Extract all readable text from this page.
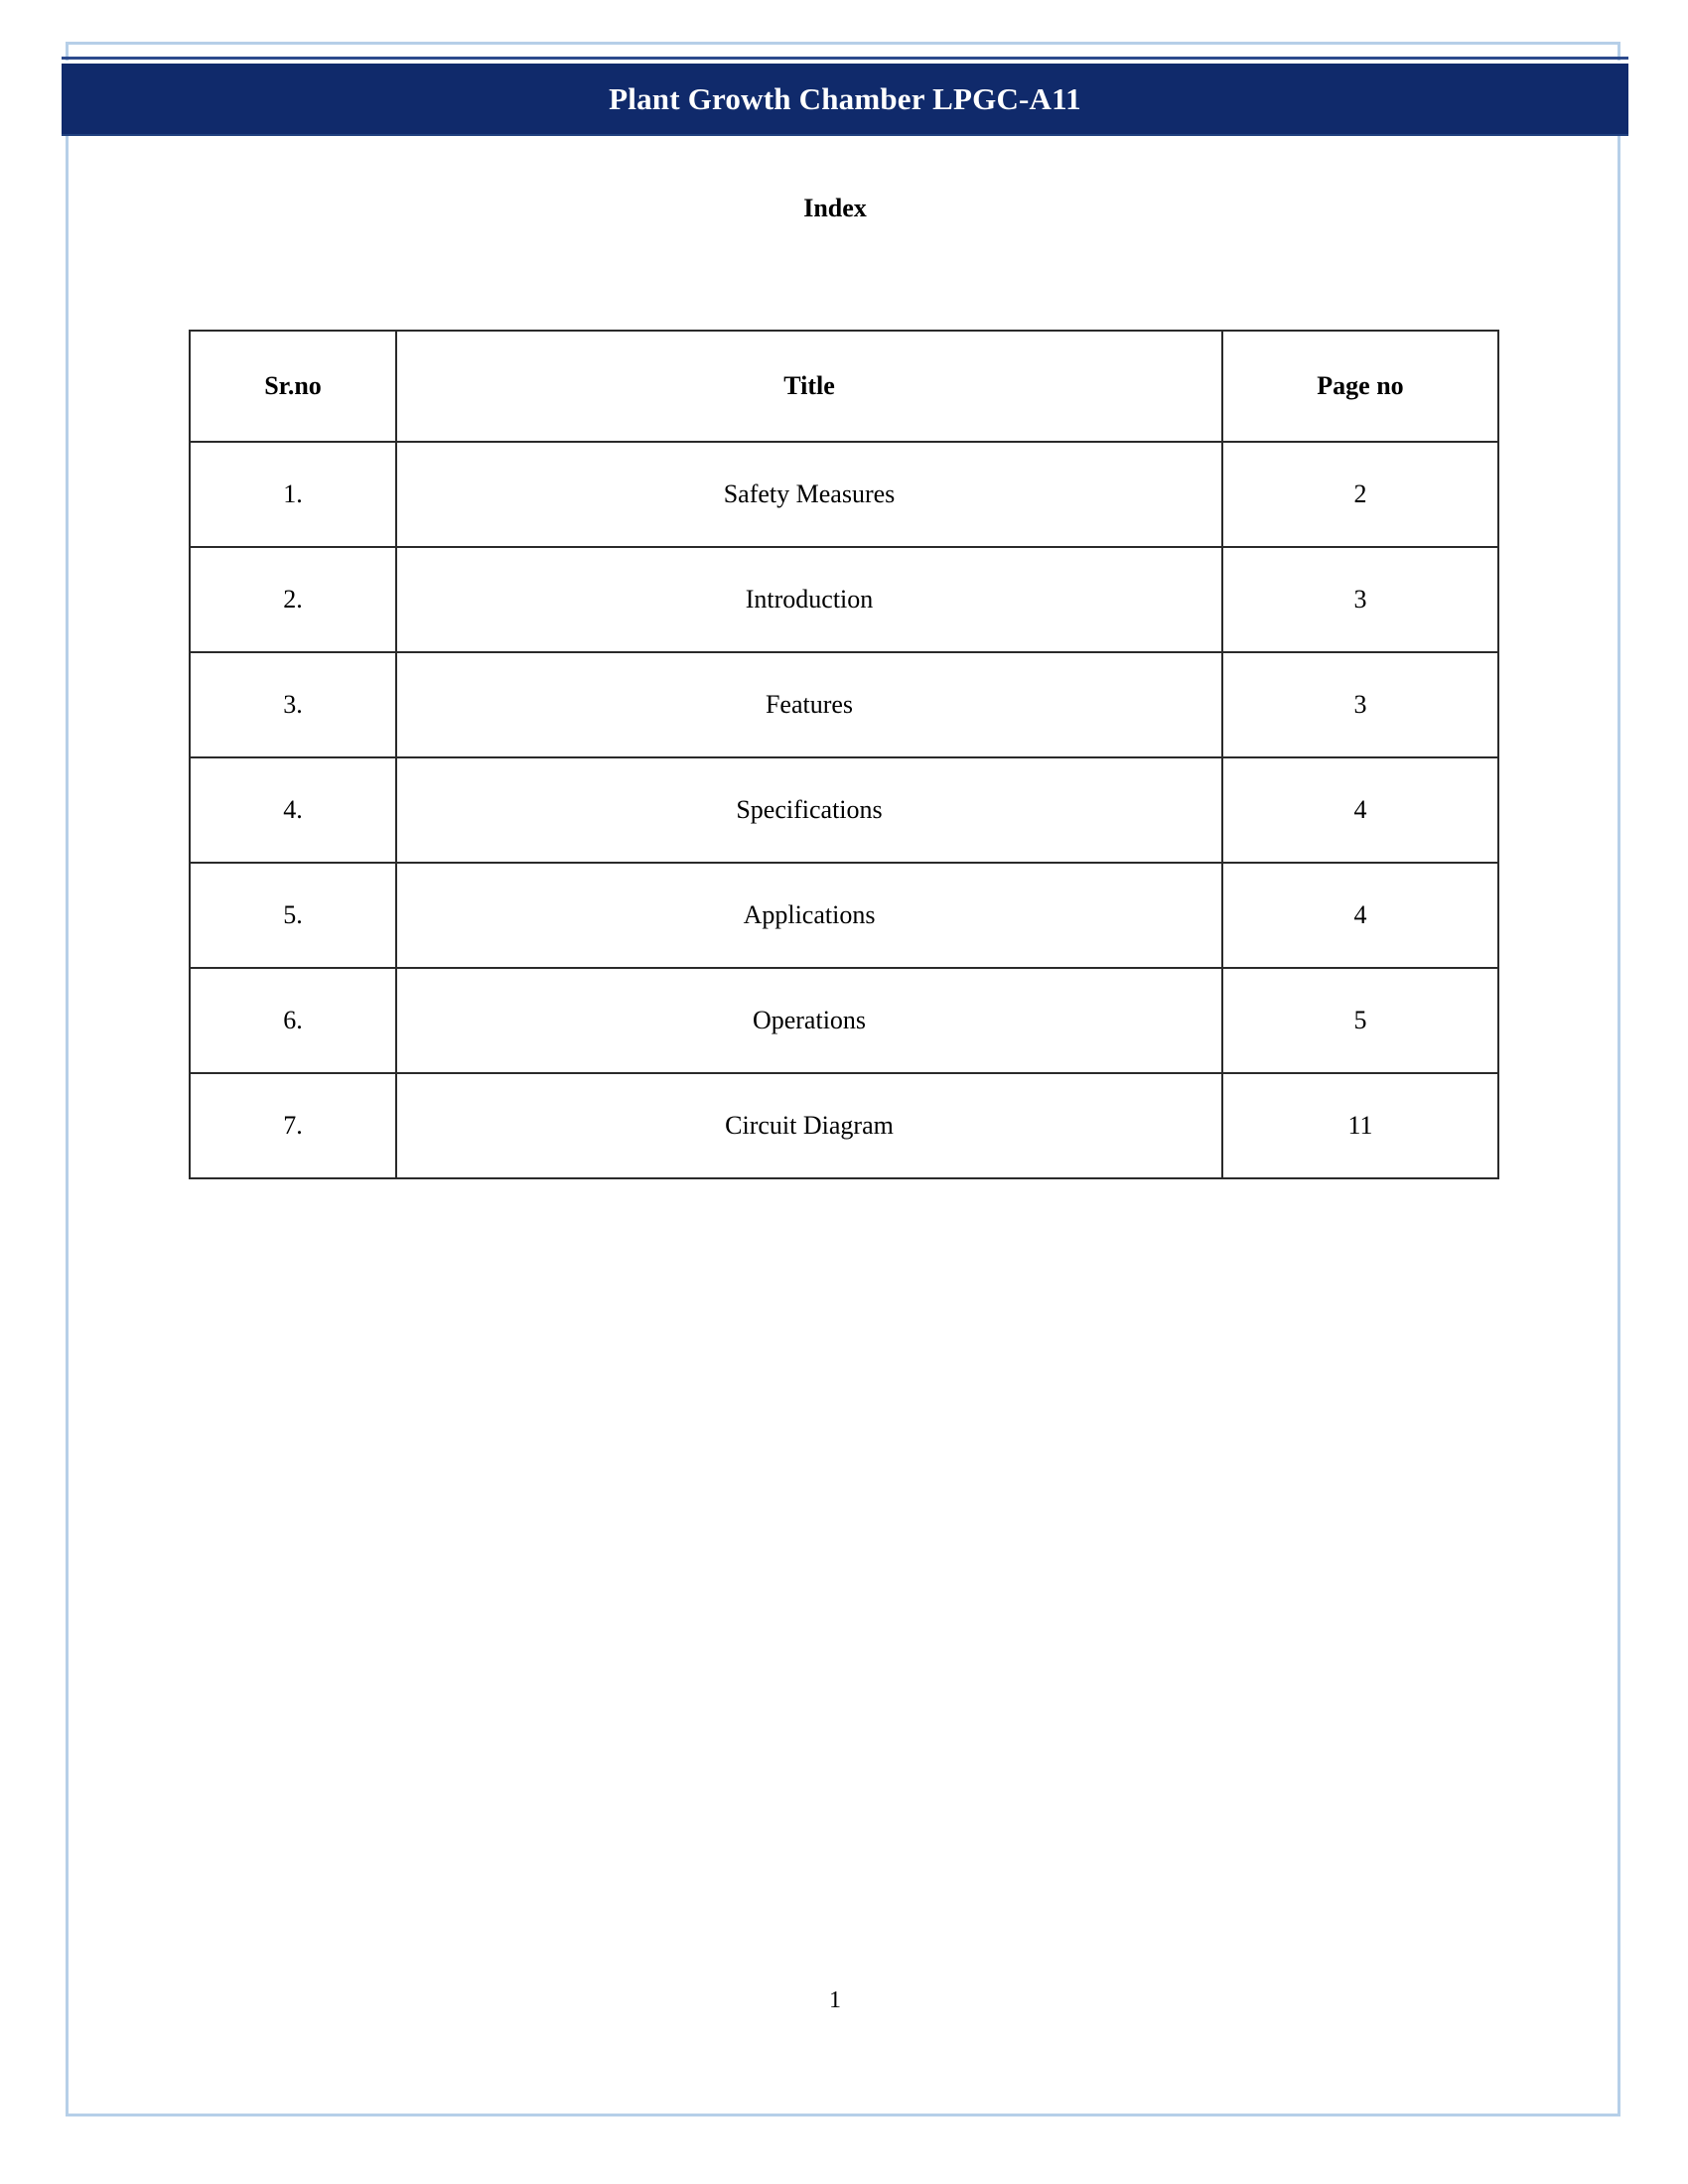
Plant Growth Chamber LPGC-A11
Index
Sr.no	Title	Page no
1.	Safety Measures	2
2.	Introduction	3
3.	Features	3
4.	Specifications	4
5.	Applications	4
6.	Operations	5
7.	Circuit Diagram	11
1
